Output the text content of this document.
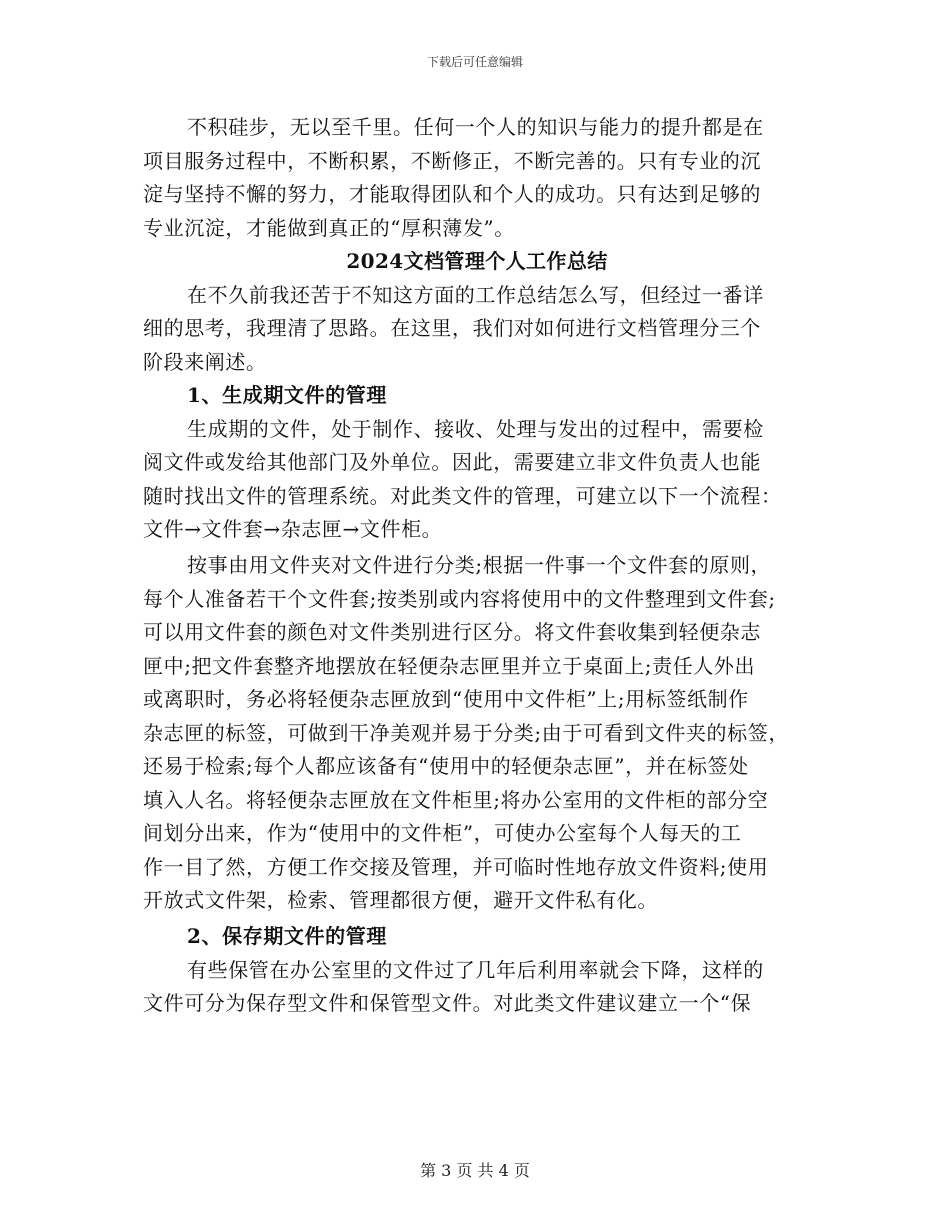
下载后可任意编辑
不积硅步，无以至千里。任何一个人的知识与能力的提升都是在
项目服务过程中，不断积累，不断修正，不断完善的。只有专业的沉
淀与坚持不懈的努力，才能取得团队和个人的成功。只有达到足够的
专业沉淀，才能做到真正的“厚积薄发”。
2024文档管理个人工作总结
在不久前我还苦于不知这方面的工作总结怎么写，但经过一番详
细的思考，我理清了思路。在这里，我们对如何进行文档管理分三个
阶段来阐述。
1、生成期文件的管理
生成期的文件，处于制作、接收、处理与发出的过程中，需要检
阅文件或发给其他部门及外单位。因此，需要建立非文件负责人也能
随时找出文件的管理系统。对此类文件的管理，可建立以下一个流程：
文件→文件套→杂志匣→文件柜。
按事由用文件夹对文件进行分类;根据一件事一个文件套的原则，
每个人准备若干个文件套;按类别或内容将使用中的文件整理到文件套;
可以用文件套的颜色对文件类别进行区分。将文件套收集到轻便杂志
匣中;把文件套整齐地摆放在轻便杂志匣里并立于桌面上;责任人外出
或离职时，务必将轻便杂志匣放到“使用中文件柜”上;用标签纸制作
杂志匣的标签，可做到干净美观并易于分类;由于可看到文件夹的标签，
还易于检索;每个人都应该备有“使用中的轻便杂志匣”，并在标签处
填入人名。将轻便杂志匣放在文件柜里;将办公室用的文件柜的部分空
间划分出来，作为“使用中的文件柜”，可使办公室每个人每天的工
作一目了然，方便工作交接及管理，并可临时性地存放文件资料;使用
开放式文件架，检索、管理都很方便，避开文件私有化。
2、保存期文件的管理
有些保管在办公室里的文件过了几年后利用率就会下降，这样的
文件可分为保存型文件和保管型文件。对此类文件建议建立一个“保
第 3 页 共 4 页
